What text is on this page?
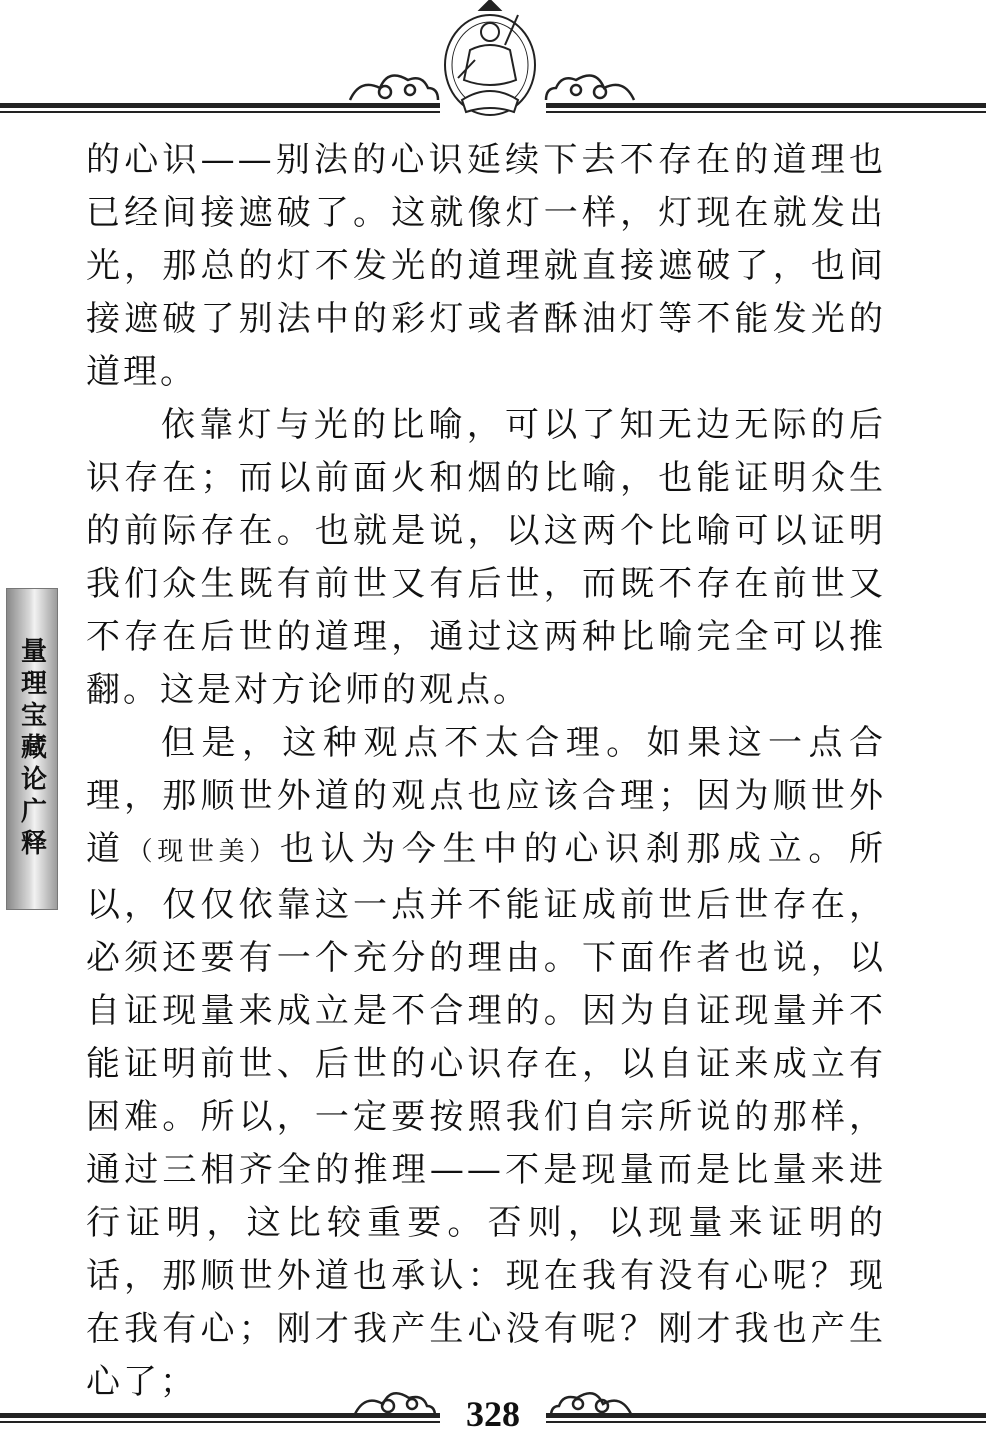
的心识——别法的心识延续下去不存在的道理也已经间接遮破了。这就像灯一样，灯现在就发出光，那总的灯不发光的道理就直接遮破了，也间接遮破了别法中的彩灯或者酥油灯等不能发光的道理。

依靠灯与光的比喻，可以了知无边无际的后识存在；而以前面火和烟的比喻，也能证明众生的前际存在。也就是说，以这两个比喻可以证明我们众生既有前世又有后世，而既不存在前世又不存在后世的道理，通过这两种比喻完全可以推翻。这是对方论师的观点。

但是，这种观点不太合理。如果这一点合理，那顺世外道的观点也应该合理；因为顺世外道（现世美）也认为今生中的心识刹那成立。所以，仅仅依靠这一点并不能证成前世后世存在，必须还要有一个充分的理由。下面作者也说，以自证现量来成立是不合理的。因为自证现量并不能证明前世、后世的心识存在，以自证来成立有困难。所以，一定要按照我们自宗所说的那样，通过三相齐全的推理——不是现量而是比量来进行证明，这比较重要。否则，以现量来证明的话，那顺世外道也承认：现在我有没有心呢？现在我有心；刚才我产生心没有呢？刚才我也产生心了；

量理宝藏论广释
328
